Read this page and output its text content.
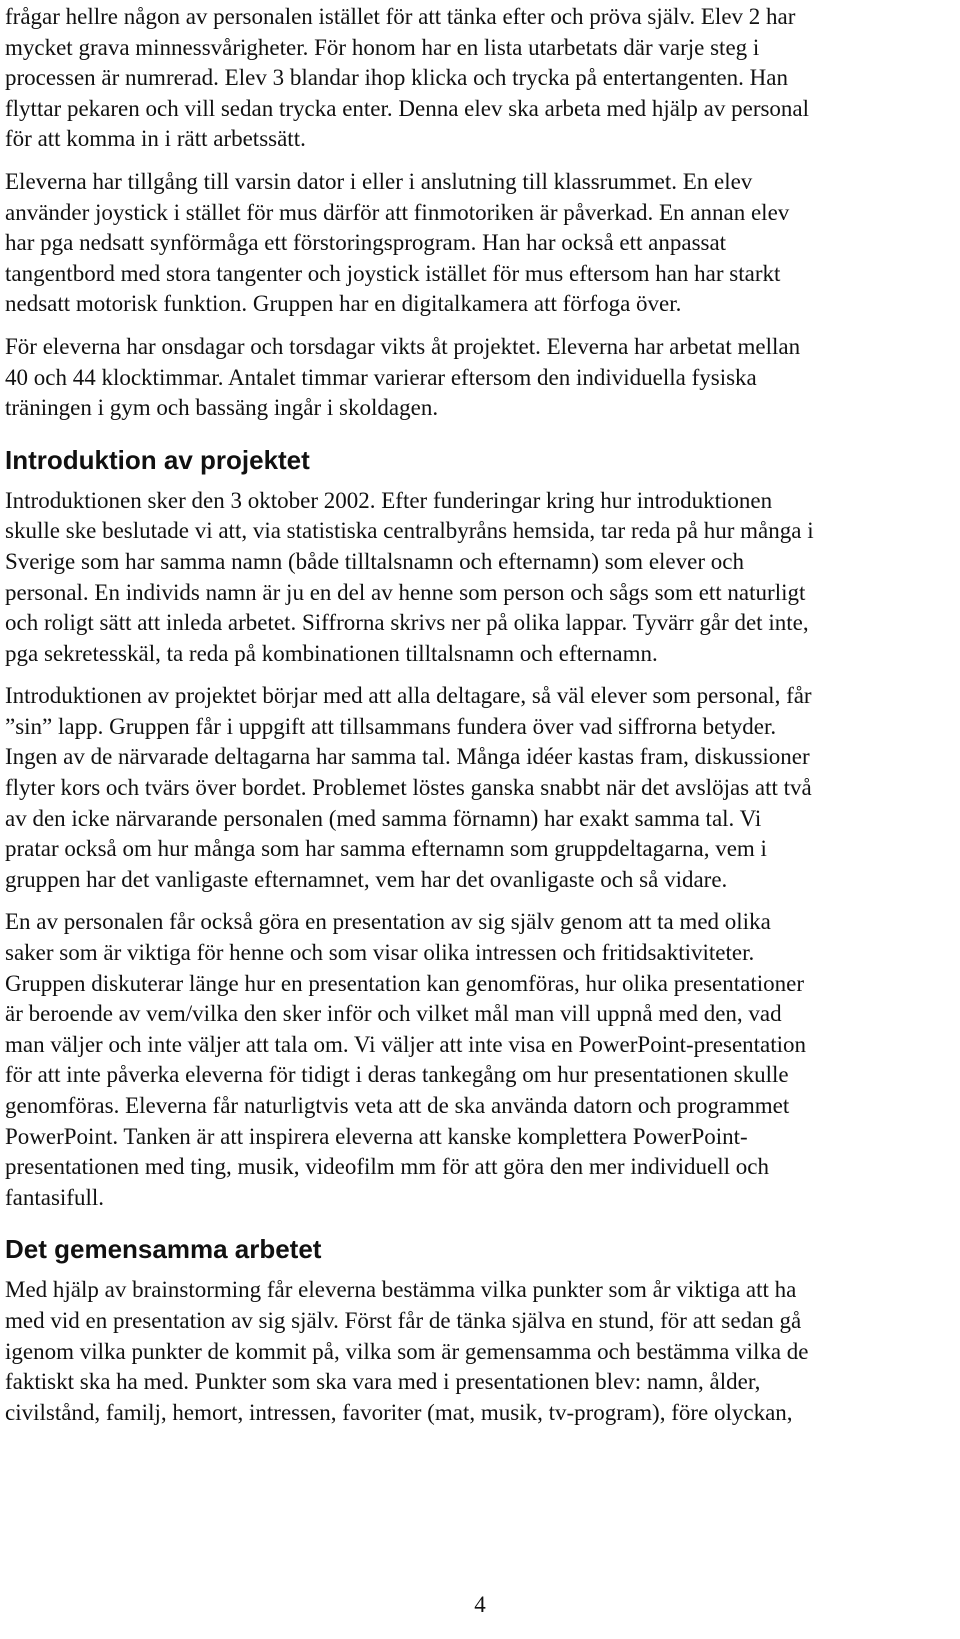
frågar hellre någon av personalen istället för att tänka efter och pröva själv. Elev 2 har
mycket grava minnessvårigheter. För honom har en lista utarbetats där varje steg i
processen är numrerad. Elev 3 blandar ihop klicka och trycka på entertangenten. Han
flyttar pekaren och vill sedan trycka enter. Denna elev ska arbeta med hjälp av personal
för att komma in i rätt arbetssätt.

Eleverna har tillgång till varsin dator i eller i anslutning till klassrummet. En elev
använder joystick i stället för mus därför att finmotoriken är påverkad. En annan elev
har pga nedsatt synförmåga ett förstoringsprogram. Han har också ett anpassat
tangentbord med stora tangenter och joystick istället för mus eftersom han har starkt
nedsatt motorisk funktion. Gruppen har en digitalkamera att förfoga över.

För eleverna har onsdagar och torsdagar vikts åt projektet. Eleverna har arbetat mellan
40 och 44 klocktimmar. Antalet timmar varierar eftersom den individuella fysiska
träningen i gym och bassäng ingår i skoldagen.

Introduktion av projektet

Introduktionen sker den 3 oktober 2002. Efter funderingar kring hur introduktionen
skulle ske beslutade vi att, via statistiska centralbyråns hemsida, tar reda på hur många i
Sverige som har samma namn (både tilltalsnamn och efternamn) som elever och
personal. En individs namn är ju en del av henne som person och sågs som ett naturligt
och roligt sätt att inleda arbetet. Siffrorna skrivs ner på olika lappar. Tyvärr går det inte,
pga sekretesskäl, ta reda på kombinationen tilltalsnamn och efternamn.

Introduktionen av projektet börjar med att alla deltagare, så väl elever som personal, får
”sin” lapp. Gruppen får i uppgift att tillsammans fundera över vad siffrorna betyder.
Ingen av de närvarade deltagarna har samma tal. Många idéer kastas fram, diskussioner
flyter kors och tvärs över bordet. Problemet löstes ganska snabbt när det avslöjas att två
av den icke närvarande personalen (med samma förnamn) har exakt samma tal. Vi
pratar också om hur många som har samma efternamn som gruppdeltagarna, vem i
gruppen har det vanligaste efternamnet, vem har det ovanligaste och så vidare.

En av personalen får också göra en presentation av sig själv genom att ta med olika
saker som är viktiga för henne och som visar olika intressen och fritidsaktiviteter.
Gruppen diskuterar länge hur en presentation kan genomföras, hur olika presentationer
är beroende av vem/vilka den sker inför och vilket mål man vill uppnå med den, vad
man väljer och inte väljer att tala om. Vi väljer att inte visa en PowerPoint-presentation
för att inte påverka eleverna för tidigt i deras tankegång om hur presentationen skulle
genomföras. Eleverna får naturligtvis veta att de ska använda datorn och programmet
PowerPoint. Tanken är att inspirera eleverna att kanske komplettera PowerPoint-
presentationen med ting, musik, videofilm mm för att göra den mer individuell och
fantasifull.

Det gemensamma arbetet

Med hjälp av brainstorming får eleverna bestämma vilka punkter som år viktiga att ha
med vid en presentation av sig själv. Först får de tänka själva en stund, för att sedan gå
igenom vilka punkter de kommit på, vilka som är gemensamma och bestämma vilka de
faktiskt ska ha med. Punkter som ska vara med i presentationen blev: namn, ålder,
civilstånd, familj, hemort, intressen, favoriter (mat, musik, tv-program), före olyckan,

4
